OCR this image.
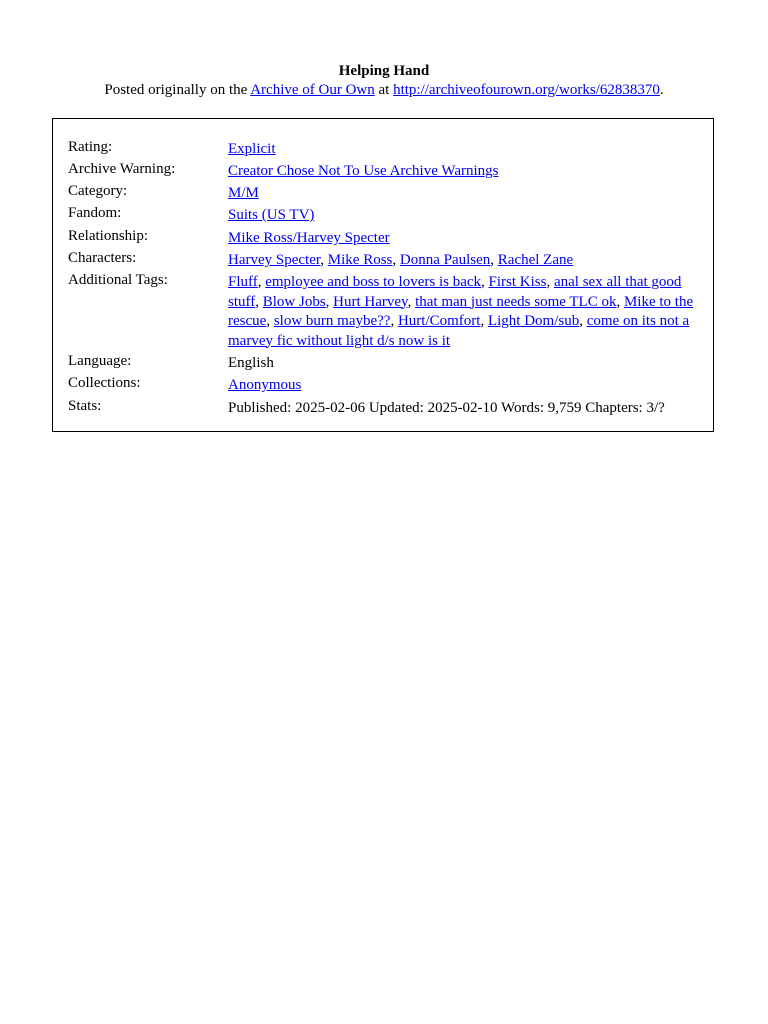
Helping Hand
Posted originally on the Archive of Our Own at http://archiveofourown.org/works/62838370.
Rating:	Explicit
Archive Warning:	Creator Chose Not To Use Archive Warnings
Category:	M/M
Fandom:	Suits (US TV)
Relationship:	Mike Ross/Harvey Specter
Characters:	Harvey Specter, Mike Ross, Donna Paulsen, Rachel Zane
Additional Tags:	Fluff, employee and boss to lovers is back, First Kiss, anal sex all that good stuff, Blow Jobs, Hurt Harvey, that man just needs some TLC ok, Mike to the rescue, slow burn maybe??, Hurt/Comfort, Light Dom/sub, come on its not a marvey fic without light d/s now is it
Language:	English
Collections:	Anonymous
Stats:	Published: 2025-02-06 Updated: 2025-02-10 Words: 9,759 Chapters: 3/?
